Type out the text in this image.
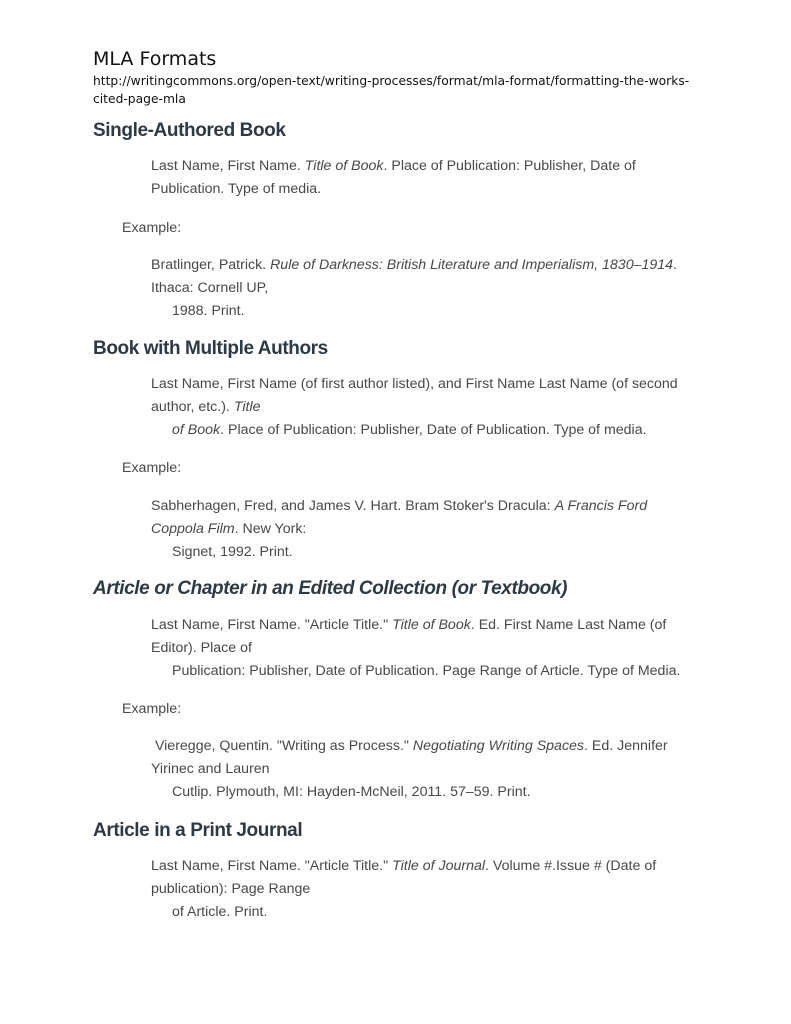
MLA Formats
http://writingcommons.org/open-text/writing-processes/format/mla-format/formatting-the-works-cited-page-mla
Single-Authored Book

Last Name, First Name. Title of Book. Place of Publication: Publisher, Date of
Publication. Type of media.

Example:

Bratlinger, Patrick. Rule of Darkness: British Literature and Imperialism, 1830–1914.
Ithaca: Cornell UP,
1988. Print.

Book with Multiple Authors

Last Name, First Name (of first author listed), and First Name Last Name (of second
author, etc.). Title
of Book. Place of Publication: Publisher, Date of Publication. Type of media.

Example:

Sabherhagen, Fred, and James V. Hart. Bram Stoker's Dracula: A Francis Ford
Coppola Film. New York:
Signet, 1992. Print.

Article or Chapter in an Edited Collection (or Textbook)

Last Name, First Name. "Article Title." Title of Book. Ed. First Name Last Name (of
Editor). Place of
Publication: Publisher, Date of Publication. Page Range of Article. Type of Media.

Example:

Vieregge, Quentin. "Writing as Process." Negotiating Writing Spaces. Ed. Jennifer
Yirinec and Lauren
Cutlip. Plymouth, MI: Hayden-McNeil, 2011. 57–59. Print.

Article in a Print Journal

Last Name, First Name. "Article Title." Title of Journal. Volume #.Issue # (Date of
publication): Page Range
of Article. Print.
